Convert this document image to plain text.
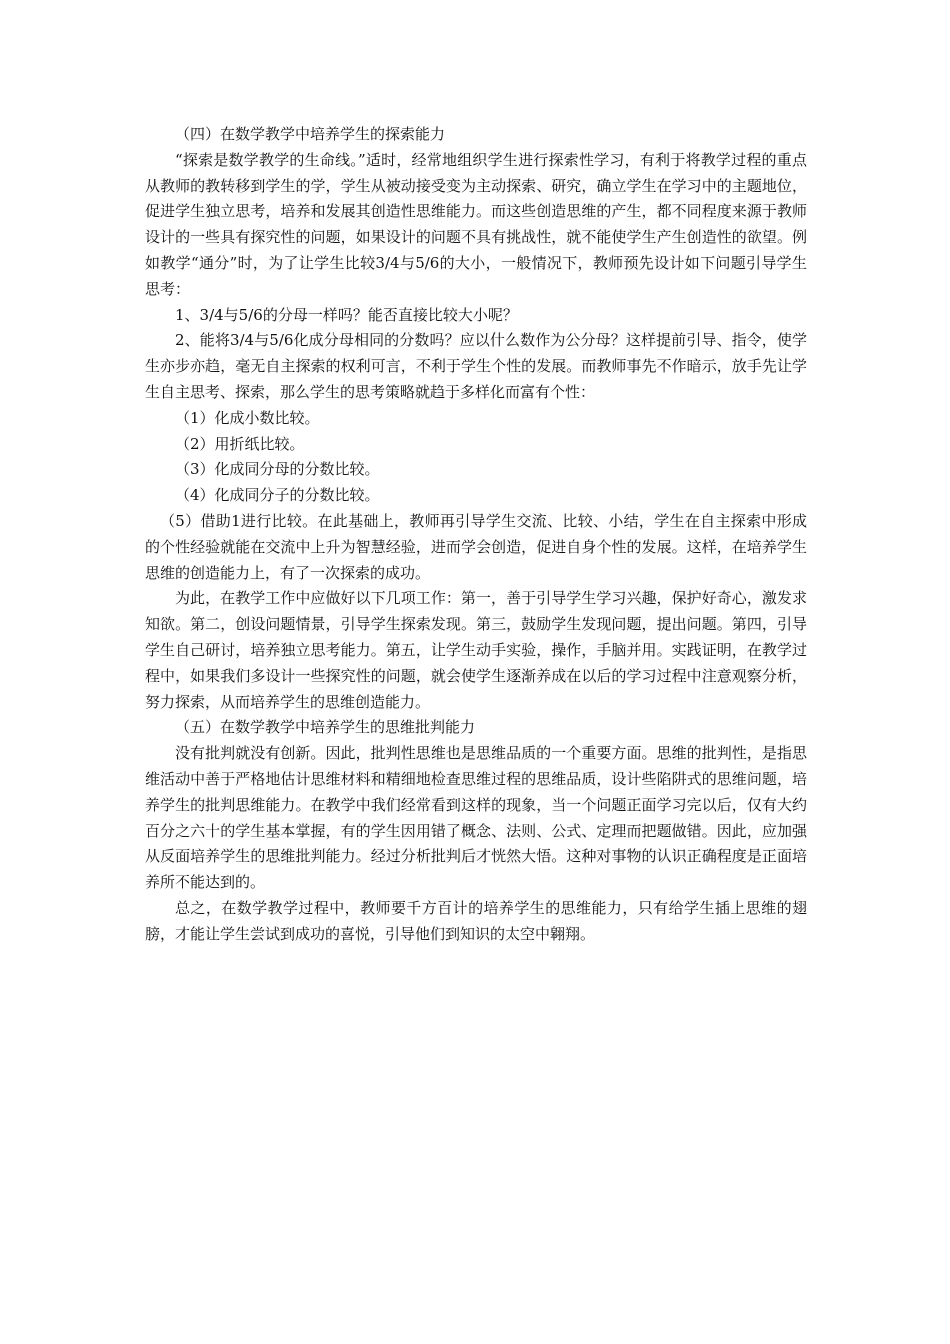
（四）在数学教学中培养学生的探索能力

“探索是数学教学的生命线。”适时，经常地组织学生进行探索性学习，有利于将教学过程的重点从教师的教转移到学生的学，学生从被动接受变为主动探索、研究，确立学生在学习中的主题地位，促进学生独立思考，培养和发展其创造性思维能力。而这些创造思维的产生，都不同程度来源于教师设计的一些具有探究性的问题，如果设计的问题不具有挑战性，就不能使学生产生创造性的欲望。例如教学“通分”时，为了让学生比较3/4与5/6的大小，一般情况下，教师预先设计如下问题引导学生思考：

1、3/4与5/6的分母一样吗？能否直接比较大小呢？

2、能将3/4与5/6化成分母相同的分数吗？应以什么数作为公分母？这样提前引导、指令，使学生亦步亦趋，毫无自主探索的权利可言，不利于学生个性的发展。而教师事先不作暗示，放手先让学生自主思考、探索，那么学生的思考策略就趋于多样化而富有个性：

（1）化成小数比较。

（2）用折纸比较。

（3）化成同分母的分数比较。

（4）化成同分子的分数比较。

（5）借助1进行比较。在此基础上，教师再引导学生交流、比较、小结，学生在自主探索中形成的个性经验就能在交流中上升为智慧经验，进而学会创造，促进自身个性的发展。这样，在培养学生思维的创造能力上，有了一次探索的成功。

为此，在教学工作中应做好以下几项工作：第一，善于引导学生学习兴趣，保护好奇心，激发求知欲。第二，创设问题情景，引导学生探索发现。第三，鼓励学生发现问题，提出问题。第四，引导学生自己研讨，培养独立思考能力。第五，让学生动手实验，操作，手脑并用。实践证明，在教学过程中，如果我们多设计一些探究性的问题，就会使学生逐渐养成在以后的学习过程中注意观察分析，努力探索，从而培养学生的思维创造能力。

（五）在数学教学中培养学生的思维批判能力

没有批判就没有创新。因此，批判性思维也是思维品质的一个重要方面。思维的批判性，是指思维活动中善于严格地估计思维材料和精细地检查思维过程的思维品质，设计些陷阱式的思维问题，培养学生的批判思维能力。在教学中我们经常看到这样的现象，当一个问题正面学习完以后，仅有大约百分之六十的学生基本掌握，有的学生因用错了概念、法则、公式、定理而把题做错。因此，应加强从反面培养学生的思维批判能力。经过分析批判后才恍然大悟。这种对事物的认识正确程度是正面培养所不能达到的。

总之，在数学教学过程中，教师要千方百计的培养学生的思维能力，只有给学生插上思维的翅膀，才能让学生尝试到成功的喜悦，引导他们到知识的太空中翱翔。
